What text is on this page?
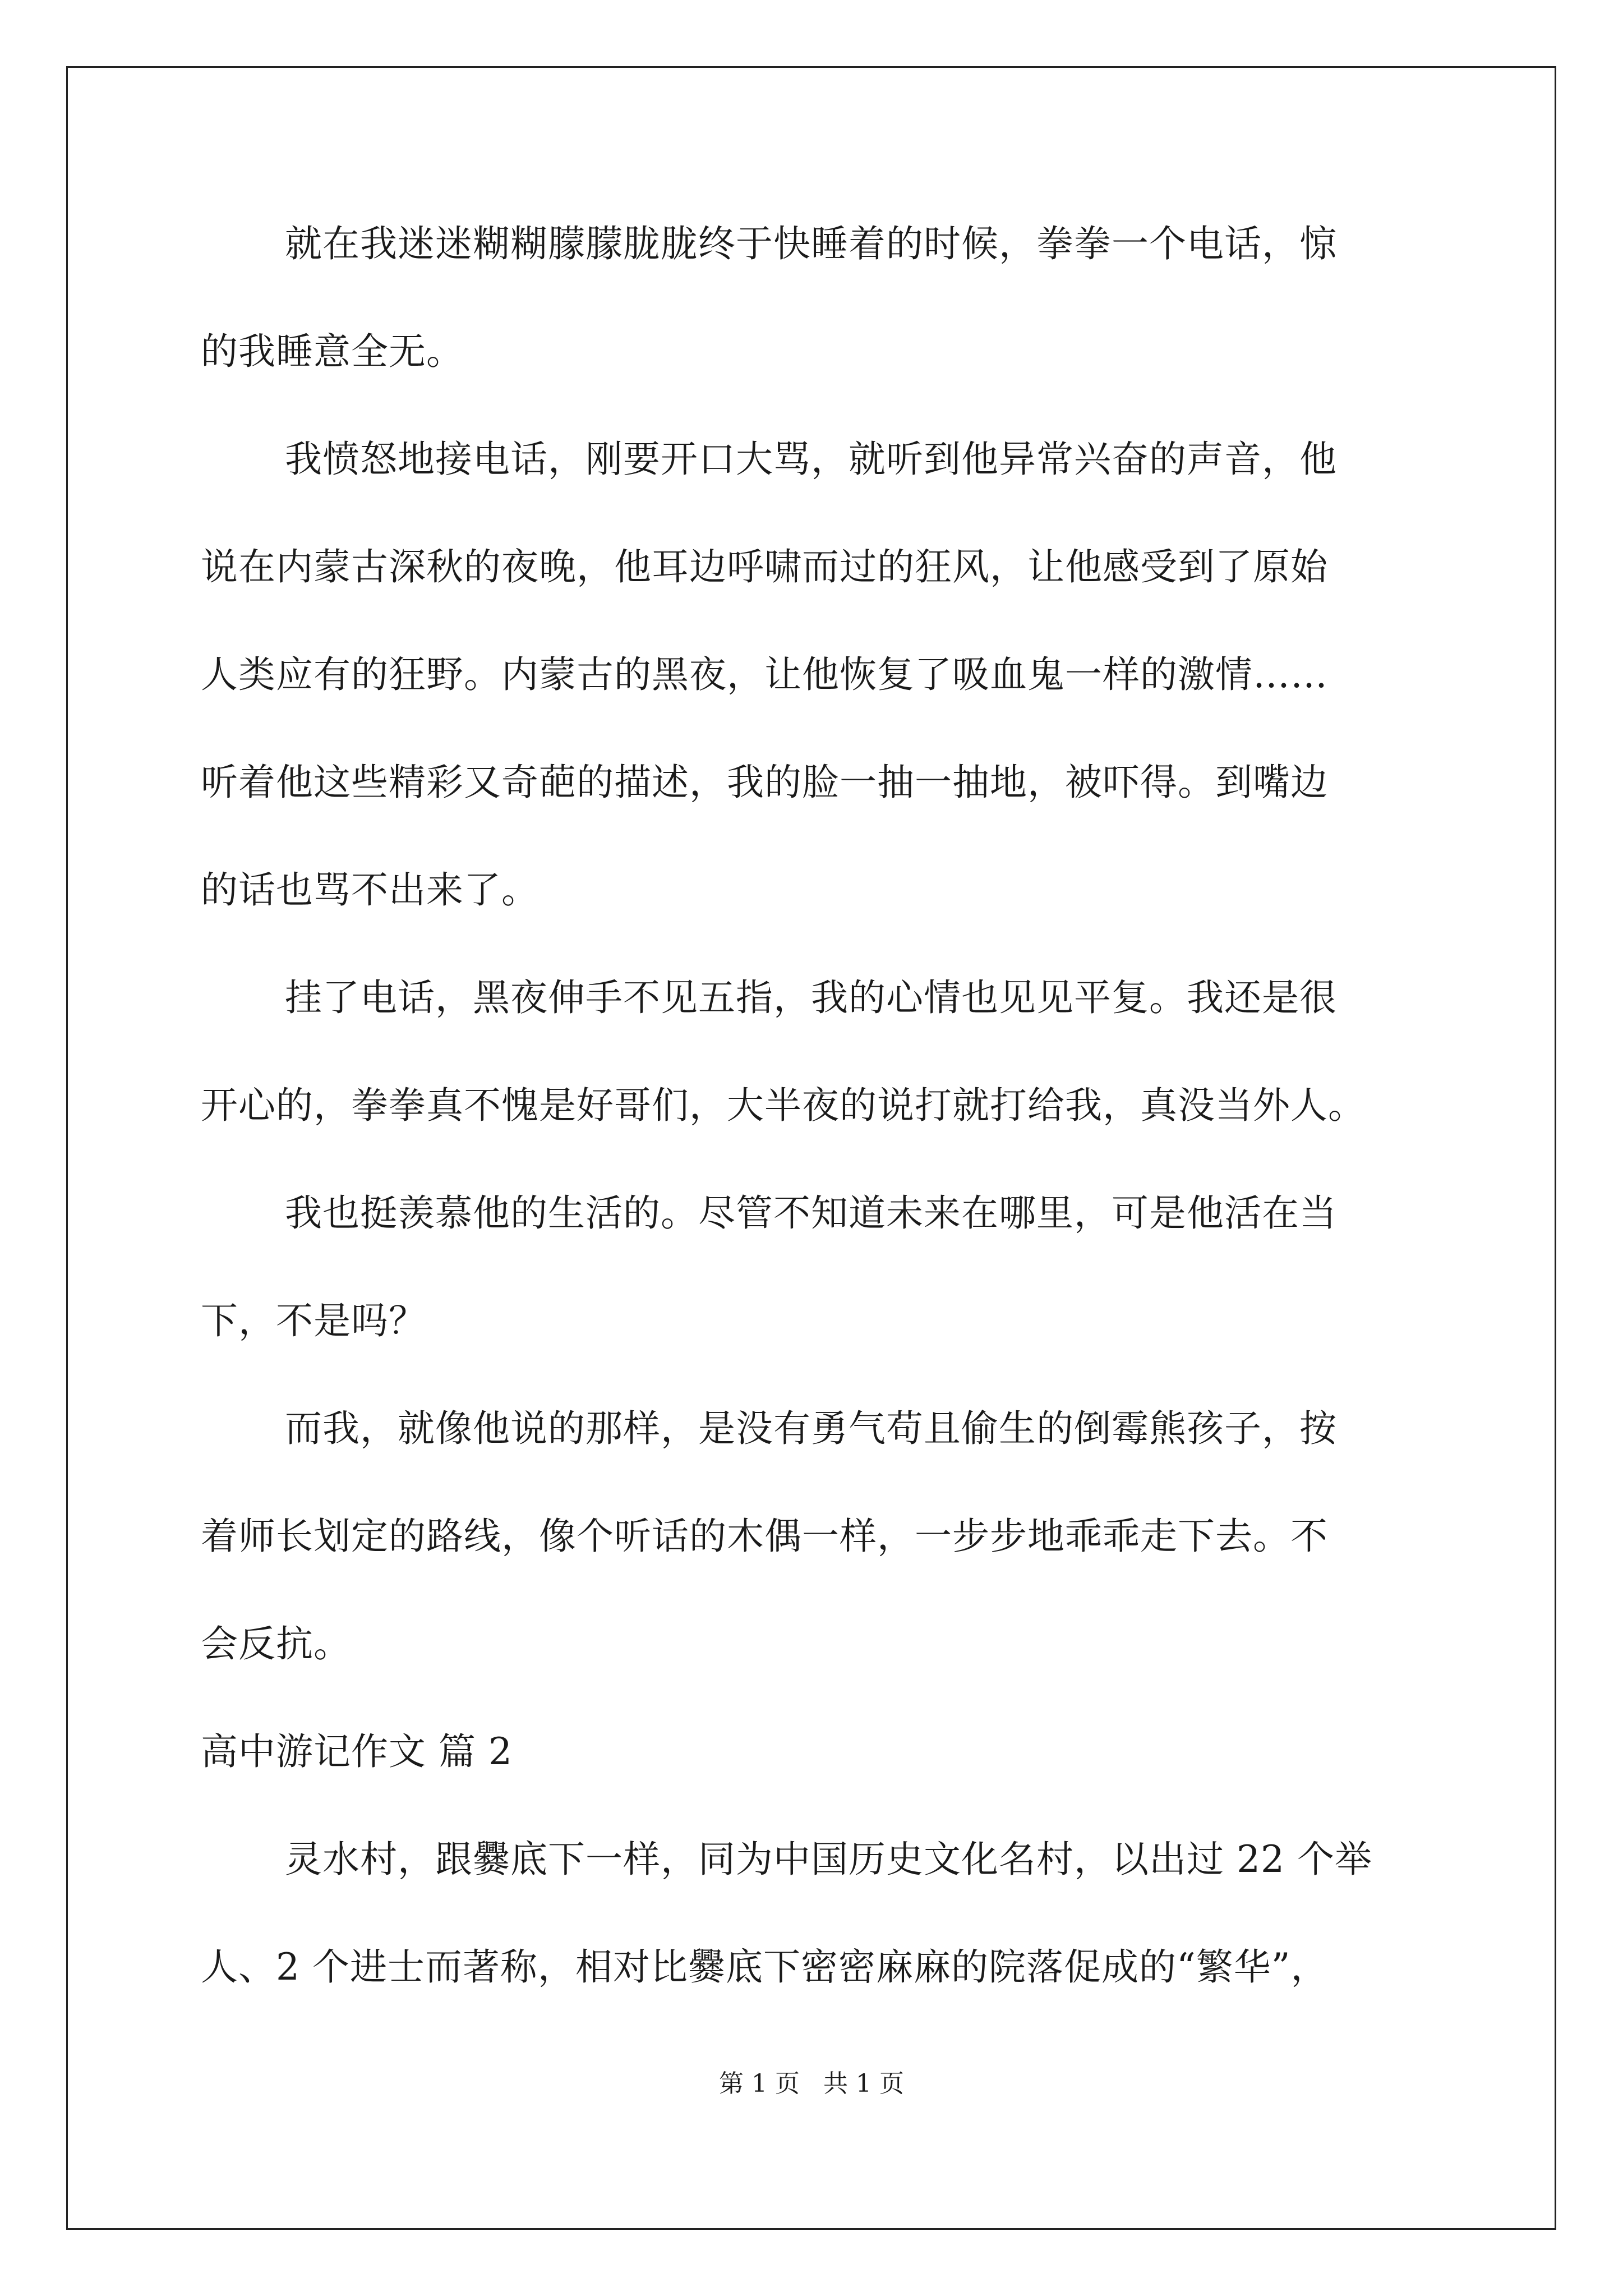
就在我迷迷糊糊朦朦胧胧终于快睡着的时候，拳拳一个电话，惊
的我睡意全无。
我愤怒地接电话，刚要开口大骂，就听到他异常兴奋的声音，他
说在内蒙古深秋的夜晚，他耳边呼啸而过的狂风，让他感受到了原始
人类应有的狂野。内蒙古的黑夜，让他恢复了吸血鬼一样的激情……
听着他这些精彩又奇葩的描述，我的脸一抽一抽地，被吓得。到嘴边
的话也骂不出来了。
挂了电话，黑夜伸手不见五指，我的心情也见见平复。我还是很
开心的，拳拳真不愧是好哥们，大半夜的说打就打给我，真没当外人。
我也挺羡慕他的生活的。尽管不知道未来在哪里，可是他活在当
下，不是吗？
而我，就像他说的那样，是没有勇气苟且偷生的倒霉熊孩子，按
着师长划定的路线，像个听话的木偶一样，一步步地乖乖走下去。不
会反抗。
高中游记作文 篇 2
灵水村，跟爨底下一样，同为中国历史文化名村，以出过 22 个举
人、2 个进士而著称，相对比爨底下密密麻麻的院落促成的“繁华”，
第 1 页   共 1 页
